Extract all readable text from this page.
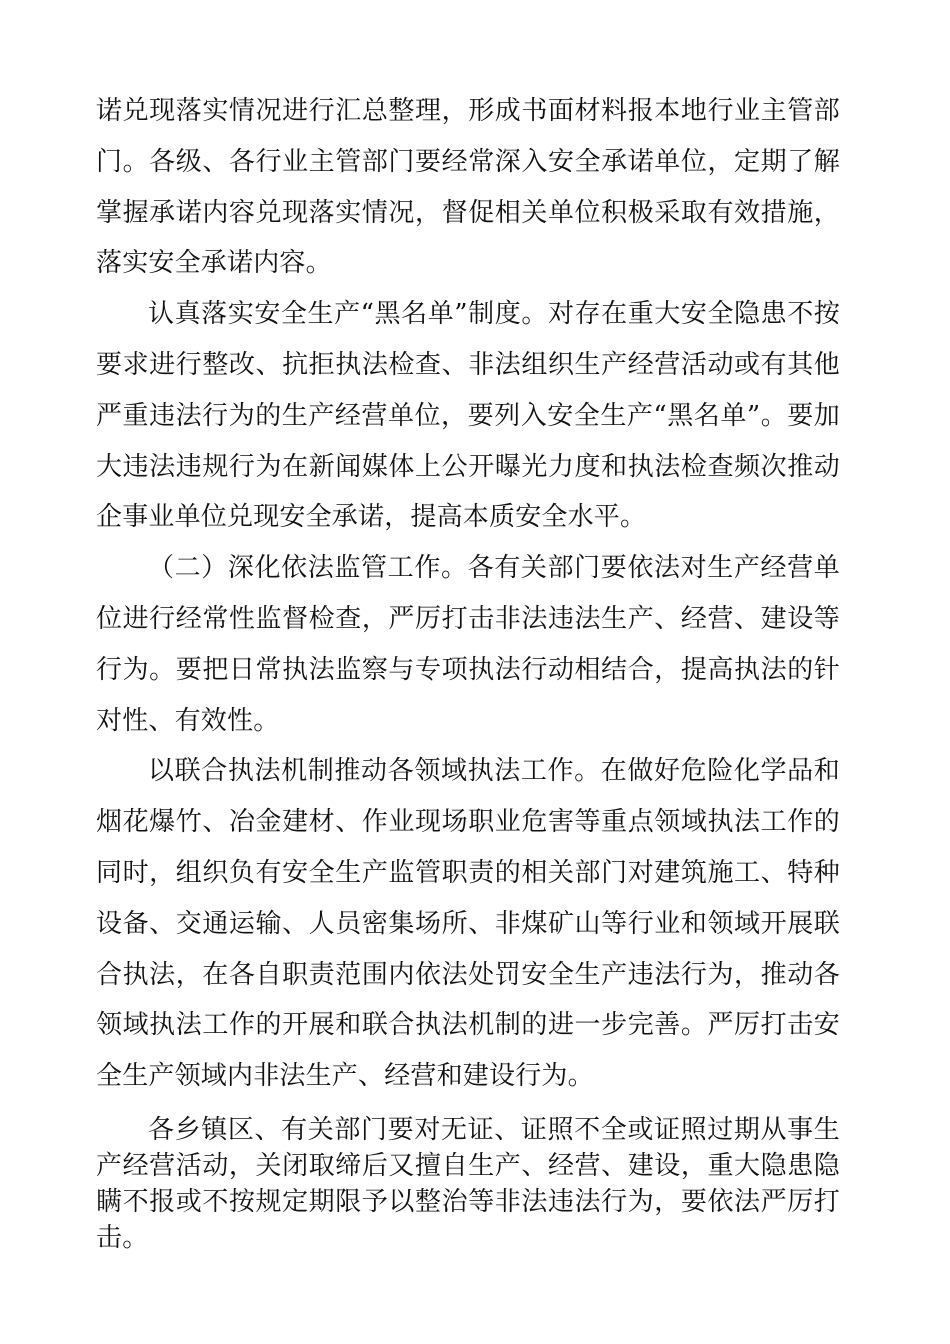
诺兑现落实情况进行汇总整理，形成书面材料报本地行业主管部门。各级、各行业主管部门要经常深入安全承诺单位，定期了解掌握承诺内容兑现落实情况，督促相关单位积极采取有效措施，落实安全承诺内容。

认真落实安全生产“黑名单”制度。对存在重大安全隐患不按要求进行整改、抗拒执法检查、非法组织生产经营活动或有其他严重违法行为的生产经营单位，要列入安全生产“黑名单”。要加大违法违规行为在新闻媒体上公开曝光力度和执法检查频次推动企事业单位兑现安全承诺，提高本质安全水平。

（二）深化依法监管工作。各有关部门要依法对生产经营单位进行经常性监督检查，严厉打击非法违法生产、经营、建设等行为。要把日常执法监察与专项执法行动相结合，提高执法的针对性、有效性。

以联合执法机制推动各领域执法工作。在做好危险化学品和烟花爆竹、冶金建材、作业现场职业危害等重点领域执法工作的同时，组织负有安全生产监管职责的相关部门对建筑施工、特种设备、交通运输、人员密集场所、非煤矿山等行业和领域开展联合执法，在各自职责范围内依法处罚安全生产违法行为，推动各领域执法工作的开展和联合执法机制的进一步完善。严厉打击安全生产领域内非法生产、经营和建设行为。

各乡镇区、有关部门要对无证、证照不全或证照过期从事生产经营活动，关闭取缔后又擅自生产、经营、建设，重大隐患隐瞒不报或不按规定期限予以整治等非法违法行为，要依法严厉打击。
